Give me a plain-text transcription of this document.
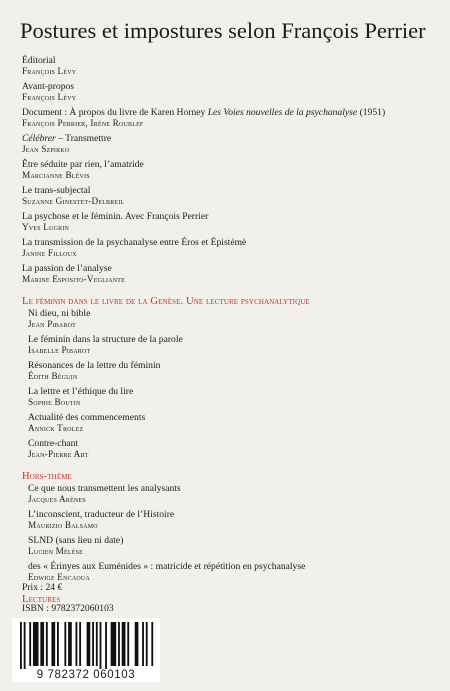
Postures et impostures selon François Perrier
Éditorial
François Lévy
Avant-propos
François Lévy
Document : À propos du livre de Karen Horney Les Voies nouvelles de la psychanalyse (1951)
François Perrier, Irène Roublef
Célébrer – Transmettre
Jean Szpirko
Être séduite par rien, l’amatride
Marcianne Blévis
Le trans-subjectal
Suzanne Ginestet-Delbreil
La psychose et le féminin. Avec François Perrier
Yves Lugrin
La transmission de la psychanalyse entre Éros et Épistémè
Janine Filloux
La passion de l’analyse
Marine Esposito-Vegliante
Le féminin dans le livre de la Genèse. Une lecture psychanalytique
Ni dieu, ni bible
Jean Pibarot
Le féminin dans la structure de la parole
Isabelle Pibarot
Résonances de la lettre du féminin
Édith Béguin
La lettre et l’éthique du lire
Sophie Boutin
Actualité des commencements
Annick Trolez
Contre-chant
Jean-Pierre Abt
Hors-thème
Ce que nous transmettent les analysants
Jacques Arènes
L’inconscient, traducteur de l’Histoire
Maurizio Balsamo
SLND (sans lieu ni date)
Lucien Mélèse
des « Érinyes aux Euménides » : matricide et répétition en psychanalyse
Edwige Encaoua
Lectures
Prix : 24 €
ISBN : 9782372060103
9 782372 060103
